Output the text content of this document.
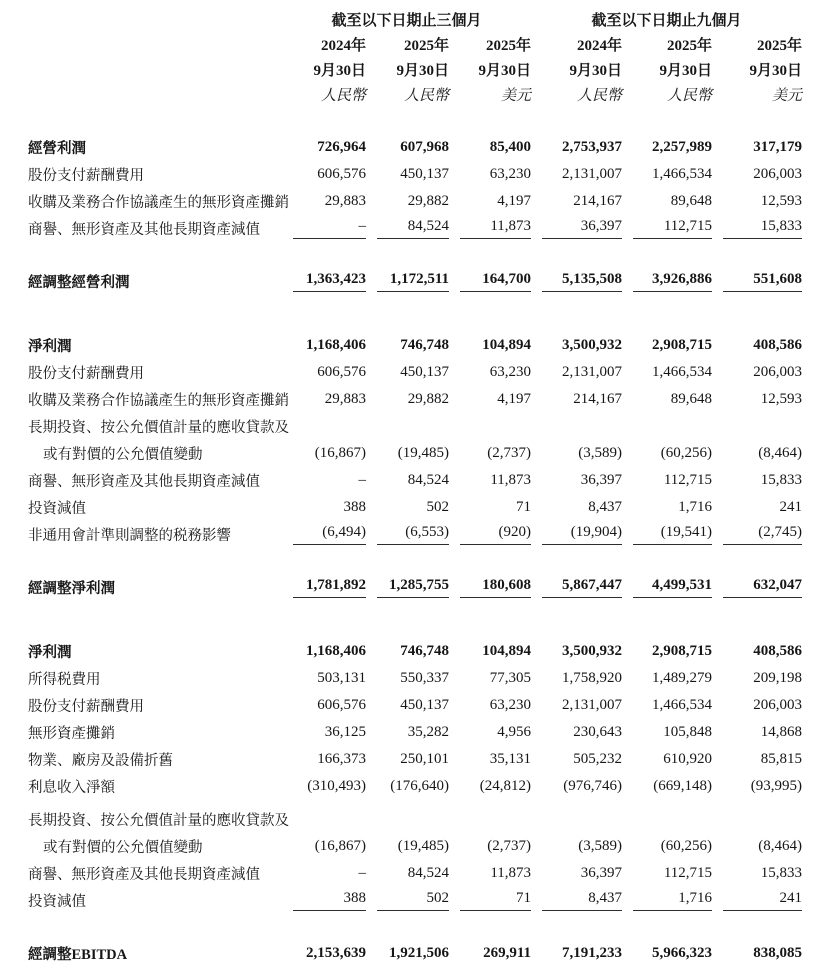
	截至以下日期止三個月			截至以下日期止九個月		
	2024年	2025年	2025年	2024年	2025年	2025年
	9月30日	9月30日	9月30日	9月30日	9月30日	9月30日
	人民幣	人民幣	美元	人民幣	人民幣	美元
經營利潤	726,964	607,968	85,400	2,753,937	2,257,989	317,179

股份支付薪酬費用	606,576	450,137	63,230	2,131,007	1,466,534	206,003

收購及業務合作協議產生的無形資產攤銷	29,883	29,882	4,197	214,167	89,648	12,593

商譽、無形資產及其他長期資產減值	–	84,524	11,873	36,397	112,715	15,833

經調整經營利潤	1,363,423	1,172,511	164,700	5,135,508	3,926,886	551,608

淨利潤	1,168,406	746,748	104,894	3,500,932	2,908,715	408,586

股份支付薪酬費用	606,576	450,137	63,230	2,131,007	1,466,534	206,003

收購及業務合作協議產生的無形資產攤銷	29,883	29,882	4,197	214,167	89,648	12,593

長期投資、按公允價值計量的應收貸款及	

或有對價的公允價值變動	(16,867)	(19,485)	(2,737)	(3,589)	(60,256)	(8,464)

商譽、無形資產及其他長期資產減值	–	84,524	11,873	36,397	112,715	15,833

投資減值	388	502	71	8,437	1,716	241

非通用會計準則調整的税務影響	(6,494)	(6,553)	(920)	(19,904)	(19,541)	(2,745)

經調整淨利潤	1,781,892	1,285,755	180,608	5,867,447	4,499,531	632,047

淨利潤	1,168,406	746,748	104,894	3,500,932	2,908,715	408,586

所得税費用	503,131	550,337	77,305	1,758,920	1,489,279	209,198

股份支付薪酬費用	606,576	450,137	63,230	2,131,007	1,466,534	206,003

無形資產攤銷	36,125	35,282	4,956	230,643	105,848	14,868

物業、廠房及設備折舊	166,373	250,101	35,131	505,232	610,920	85,815

利息收入淨額	(310,493)	(176,640)	(24,812)	(976,746)	(669,148)	(93,995)

長期投資、按公允價值計量的應收貸款及	

或有對價的公允價值變動	(16,867)	(19,485)	(2,737)	(3,589)	(60,256)	(8,464)

商譽、無形資產及其他長期資產減值	–	84,524	11,873	36,397	112,715	15,833

投資減值	388	502	71	8,437	1,716	241

經調整EBITDA	2,153,639	1,921,506	269,911	7,191,233	5,966,323	838,085
